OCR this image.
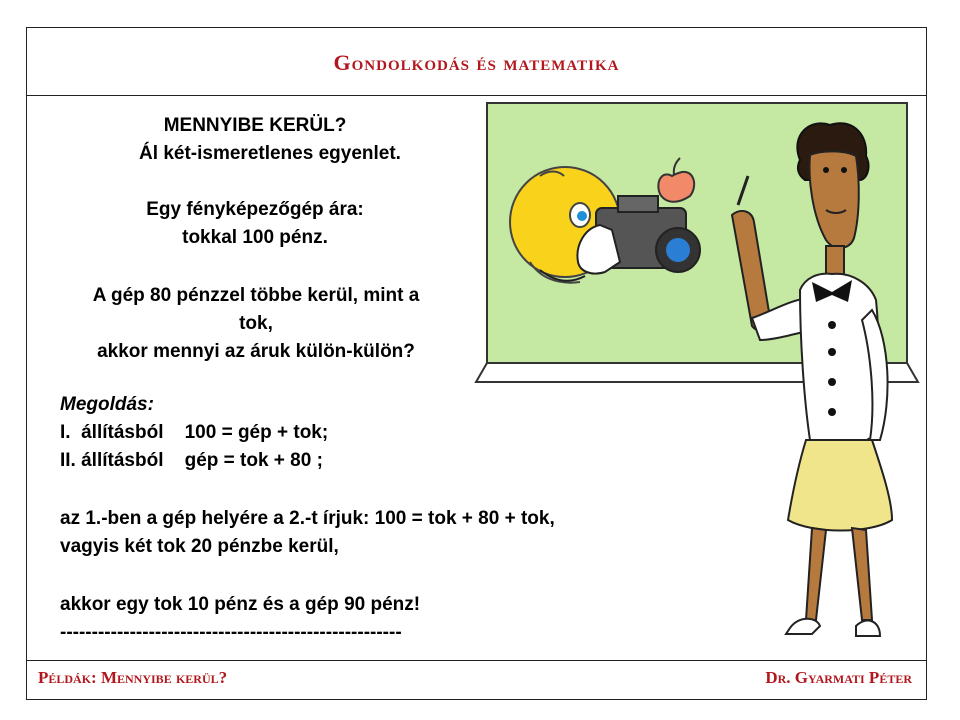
Gondolkodás és matematika
MENNYIBE KERÜL?
Ál két-ismeretlenes egyenlet.
Egy fényképezőgép ára:
tokkal 100 pénz.
A gép 80 pénzzel többe kerül, mint a
tok,
akkor mennyi az áruk külön-külön?
Megoldás:
I.  állításból    100 = gép + tok;
II. állításból    gép = tok + 80 ;
az 1.-ben a gép helyére a 2.-t írjuk: 100 = tok + 80 + tok,
vagyis két tok 20 pénzbe kerül,
akkor egy tok 10 pénz és a gép 90 pénz!
------------------------------------------------------
Példák: Mennyibe kerül?	Dr. Gyarmati Péter
